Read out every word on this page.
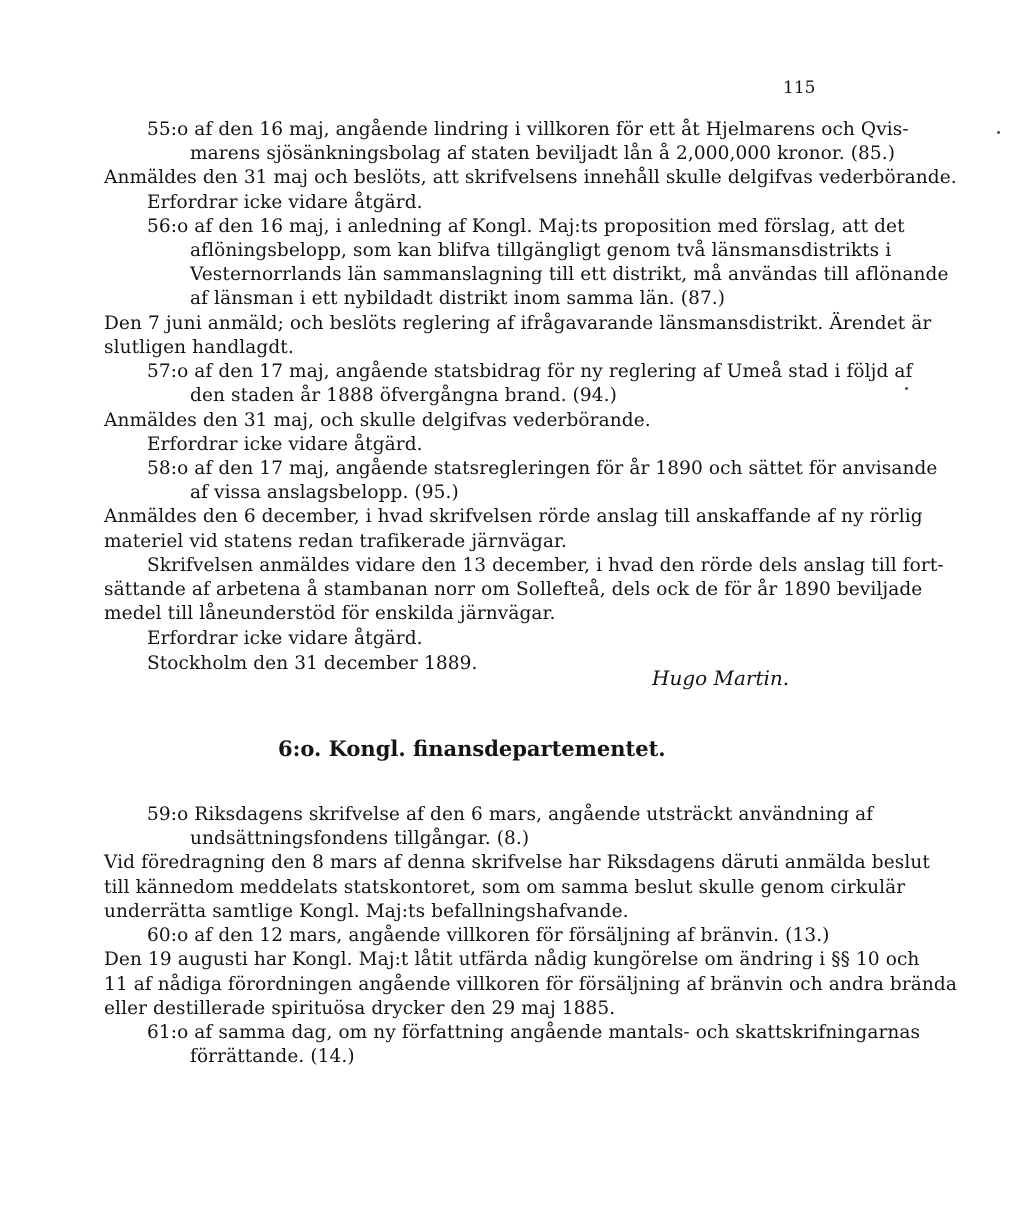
115
55:o af den 16 maj, angående lindring i villkoren för ett åt Hjelmarens och Qvis-
marens sjösänkningsbolag af staten beviljadt lån å 2,000,000 kronor. (85.)
Anmäldes den 31 maj och beslöts, att skrifvelsens innehåll skulle delgifvas vederbörande.
Erfordrar icke vidare åtgärd.
56:o af den 16 maj, i anledning af Kongl. Maj:ts proposition med förslag, att det
aflöningsbelopp, som kan blifva tillgängligt genom två länsmansdistrikts i
Vesternorrlands län sammanslagning till ett distrikt, må användas till aflönande
af länsman i ett nybildadt distrikt inom samma län. (87.)
Den 7 juni anmäld; och beslöts reglering af ifrågavarande länsmansdistrikt. Ärendet är
slutligen handlagdt.
57:o af den 17 maj, angående statsbidrag för ny reglering af Umeå stad i följd af
den staden år 1888 öfvergångna brand. (94.)
Anmäldes den 31 maj, och skulle delgifvas vederbörande.
Erfordrar icke vidare åtgärd.
58:o af den 17 maj, angående statsregleringen för år 1890 och sättet för anvisande
af vissa anslagsbelopp. (95.)
Anmäldes den 6 december, i hvad skrifvelsen rörde anslag till anskaffande af ny rörlig
materiel vid statens redan trafikerade järnvägar.
Skrifvelsen anmäldes vidare den 13 december, i hvad den rörde dels anslag till fort-
sättande af arbetena å stambanan norr om Sollefteå, dels ock de för år 1890 beviljade
medel till låneunderstöd för enskilda järnvägar.
Erfordrar icke vidare åtgärd.
Stockholm den 31 december 1889.
Hugo Martin.
6:o. Kongl. finansdepartementet.
59:o Riksdagens skrifvelse af den 6 mars, angående utsträckt användning af
undsättningsfondens tillgångar. (8.)
Vid föredragning den 8 mars af denna skrifvelse har Riksdagens däruti anmälda beslut
till kännedom meddelats statskontoret, som om samma beslut skulle genom cirkulär
underrätta samtlige Kongl. Maj:ts befallningshafvande.
60:o af den 12 mars, angående villkoren för försäljning af bränvin. (13.)
Den 19 augusti har Kongl. Maj:t låtit utfärda nådig kungörelse om ändring i §§ 10 och
11 af nådiga förordningen angående villkoren för försäljning af bränvin och andra brända
eller destillerade spirituösa drycker den 29 maj 1885.
61:o af samma dag, om ny författning angående mantals- och skattskrifningarnas
förrättande. (14.)
